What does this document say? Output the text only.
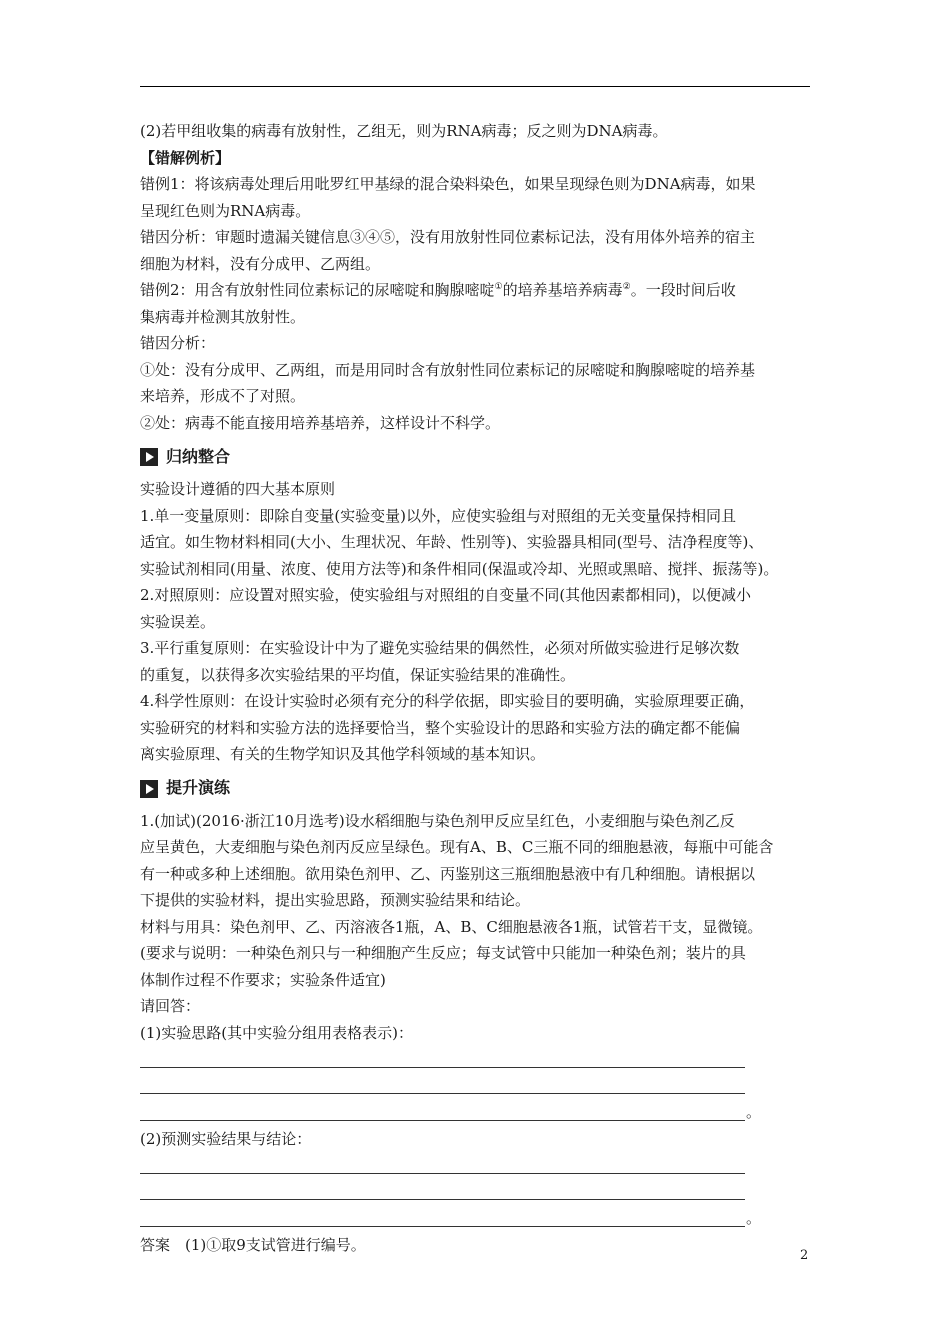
(2)若甲组收集的病毒有放射性，乙组无，则为RNA病毒；反之则为DNA病毒。

【错解例析】

错例1：将该病毒处理后用吡罗红甲基绿的混合染料染色，如果呈现绿色则为DNA病毒，如果

呈现红色则为RNA病毒。

错因分析：审题时遗漏关键信息③④⑤，没有用放射性同位素标记法，没有用体外培养的宿主

细胞为材料，没有分成甲、乙两组。

错例2：用含有放射性同位素标记的尿嘧啶和胸腺嘧啶①的培养基培养病毒②。一段时间后收

集病毒并检测其放射性。

错因分析：

①处：没有分成甲、乙两组，而是用同时含有放射性同位素标记的尿嘧啶和胸腺嘧啶的培养基

来培养，形成不了对照。

②处：病毒不能直接用培养基培养，这样设计不科学。

归纳整合

实验设计遵循的四大基本原则

1.单一变量原则：即除自变量(实验变量)以外，应使实验组与对照组的无关变量保持相同且

适宜。如生物材料相同(大小、生理状况、年龄、性别等)、实验器具相同(型号、洁净程度等)、

实验试剂相同(用量、浓度、使用方法等)和条件相同(保温或冷却、光照或黑暗、搅拌、振荡等)。

2.对照原则：应设置对照实验，使实验组与对照组的自变量不同(其他因素都相同)，以便减小

实验误差。

3.平行重复原则：在实验设计中为了避免实验结果的偶然性，必须对所做实验进行足够次数

的重复，以获得多次实验结果的平均值，保证实验结果的准确性。

4.科学性原则：在设计实验时必须有充分的科学依据，即实验目的要明确，实验原理要正确，

实验研究的材料和实验方法的选择要恰当，整个实验设计的思路和实验方法的确定都不能偏

离实验原理、有关的生物学知识及其他学科领域的基本知识。

提升演练

1.(加试)(2016·浙江10月选考)设水稻细胞与染色剂甲反应呈红色，小麦细胞与染色剂乙反

应呈黄色，大麦细胞与染色剂丙反应呈绿色。现有A、B、C三瓶不同的细胞悬液，每瓶中可能含

有一种或多种上述细胞。欲用染色剂甲、乙、丙鉴别这三瓶细胞悬液中有几种细胞。请根据以

下提供的实验材料，提出实验思路，预测实验结果和结论。

材料与用具：染色剂甲、乙、丙溶液各1瓶，A、B、C细胞悬液各1瓶，试管若干支，显微镜。

(要求与说明：一种染色剂只与一种细胞产生反应；每支试管中只能加一种染色剂；装片的具

体制作过程不作要求；实验条件适宜)

请回答：

(1)实验思路(其中实验分组用表格表示)：

。

(2)预测实验结果与结论：

。

答案　(1)①取9支试管进行编号。

2
